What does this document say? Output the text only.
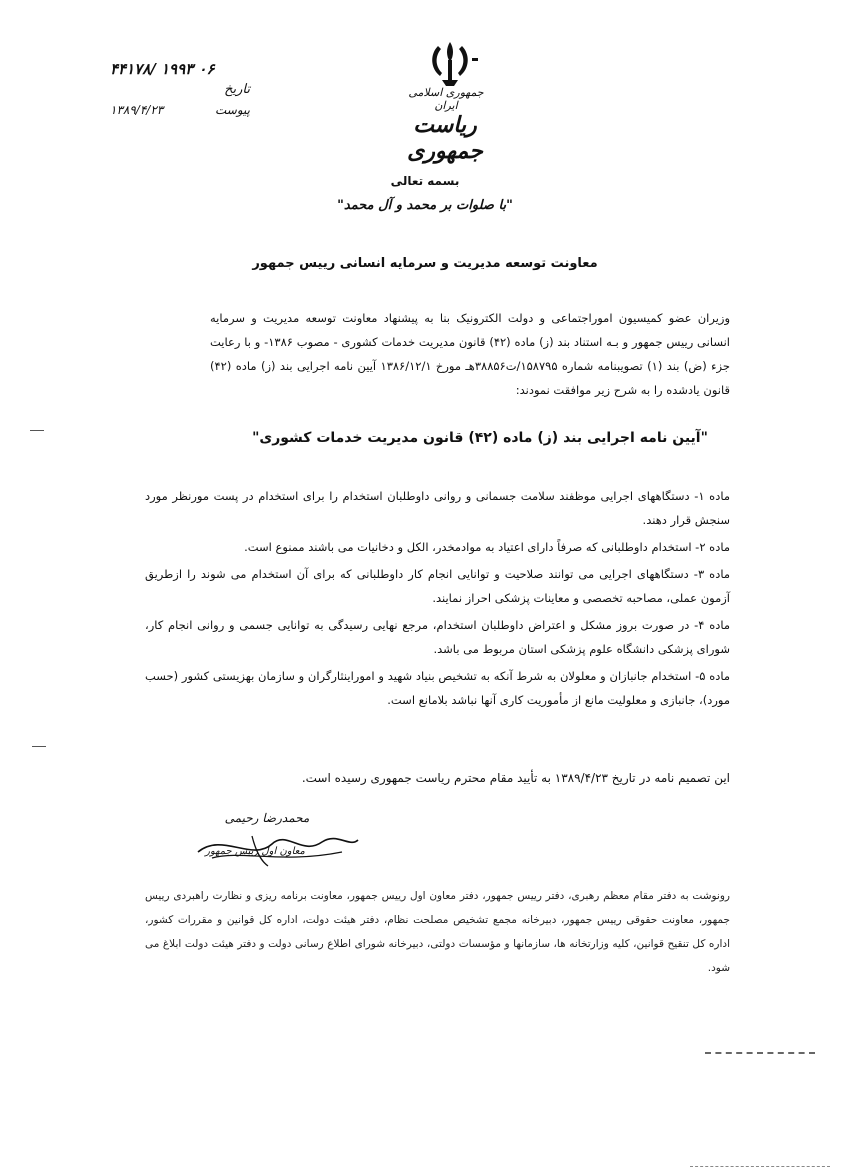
جمهوری اسلامی ایران
ریاست جمهوری
۴۴۱۷۸/ ۱۹۹۳ ۰۶
تاریخ
۱۳۸۹/۴/۲۳	پیوست
بسمه تعالی
"با صلوات بر محمد و آل محمد"
معاونت توسعه مدیریت و سرمایه انسانی رییس جمهور
وزیران عضو کمیسیون اموراجتماعی و دولت الکترونیک بنا به پیشنهاد معاونت توسعه مدیریت و سرمایه انسانی رییس جمهور و بـه استناد بند (ز) ماده (۴۲) قانون مدیریت خدمات کشوری - مصوب ۱۳۸۶- و با رعایت جزء (ض) بند (۱) تصویبنامه شماره ۱۵۸۷۹۵/ت۳۸۸۵۶هـ مورخ ۱۳۸۶/۱۲/۱ آیین نامه اجرایی بند (ز) ماده (۴۲) قانون یادشده را به شرح زیر موافقت نمودند:
"آیین نامه اجرایی بند (ز) ماده (۴۲) قانون مدیریت خدمات کشوری"

ماده ۱- دستگاههای اجرایی موظفند سلامت جسمانی و روانی داوطلبان استخدام را برای استخدام در پست مورنظر مورد سنجش قرار دهند.

ماده ۲- استخدام داوطلبانی که صرفاً دارای اعتیاد به موادمخدر، الکل و دخانیات می باشند ممنوع است.

ماده ۳- دستگاههای اجرایی می توانند صلاحیت و توانایی انجام کار داوطلبانی که برای آن استخدام می شوند را ازطریق آزمون عملی، مصاحبه تخصصی و معاینات پزشکی احراز نمایند.

ماده ۴- در صورت بروز مشکل و اعتراض داوطلبان استخدام، مرجع نهایی رسیدگی به توانایی جسمی و روانی انجام کار، شورای پزشکی دانشگاه علوم پزشکی استان مربوط می باشد.

ماده ۵- استخدام جانبازان و معلولان به شرط آنکه به تشخیص بنیاد شهید و اموراینثارگران و سازمان بهزیستی کشور (حسب مورد)، جانبازی و معلولیت مانع از مأموریت کاری آنها نباشد بلامانع است.

این تصمیم نامه در تاریخ ۱۳۸۹/۴/۲۳ به تأیید مقام محترم ریاست جمهوری رسیده است.
محمدرضا رحیمی
معاون اول رییس جمهور
رونوشت به دفتر مقام معظم رهبری، دفتر رییس جمهور، دفتر معاون اول رییس جمهور، معاونت برنامه ریزی و نظارت راهبردی رییس جمهور، معاونت حقوقی رییس جمهور، دبیرخانه مجمع تشخیص مصلحت نظام، دفتر هیئت دولت، اداره کل قوانین و مقررات کشور، اداره کل تنقیح قوانین، کلیه وزارتخانه ها، سازمانها و مؤسسات دولتی، دبیرخانه شورای اطلاع رسانی دولت و دفتر هیئت دولت ابلاغ می شود.
